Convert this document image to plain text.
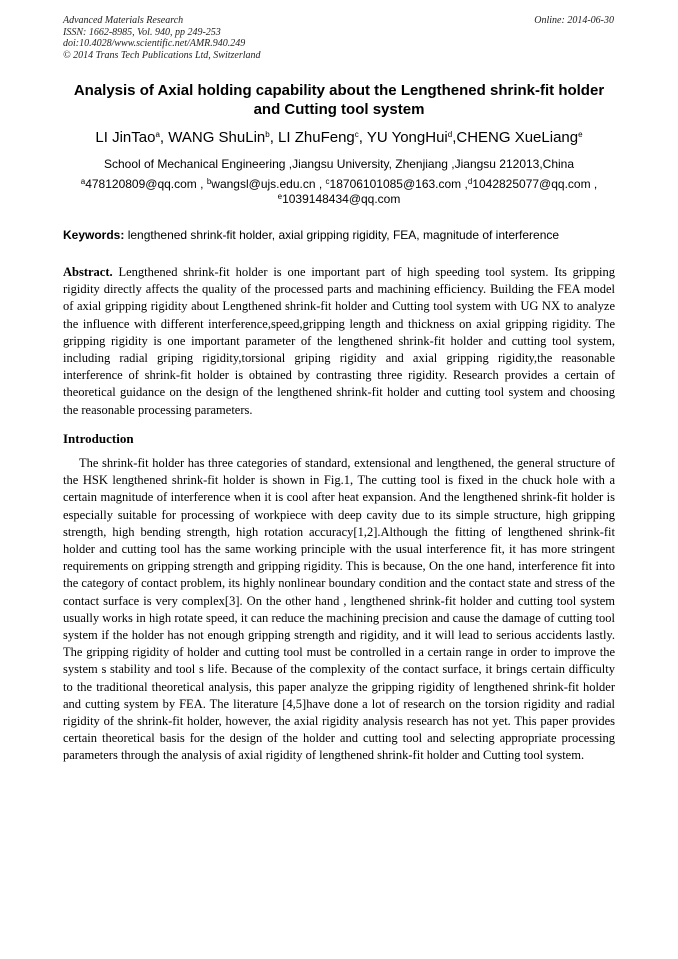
Advanced Materials Research
ISSN: 1662-8985, Vol. 940, pp 249-253
doi:10.4028/www.scientific.net/AMR.940.249
© 2014 Trans Tech Publications Ltd, Switzerland
Online: 2014-06-30
Analysis of Axial holding capability about the Lengthened shrink-fit holder and Cutting tool system
LI JinTao$^a$, WANG ShuLin$^b$, LI ZhuFeng$^c$, YU YongHui$^d$,CHENG XueLiang$^e$
School of Mechanical Engineering ,Jiangsu University, Zhenjiang ,Jiangsu 212013,China
$^a$478120809@qq.com , $^b$wangsl@ujs.edu.cn , $^c$18706101085@163.com ,$^d$1042825077@qq.com ,
$^e$1039148434@qq.com
Keywords: lengthened shrink-fit holder, axial gripping rigidity, FEA, magnitude of interference
Abstract. Lengthened shrink-fit holder is one important part of high speeding tool system. Its gripping rigidity directly affects the quality of the processed parts and machining efficiency. Building the FEA model of axial gripping rigidity about Lengthened shrink-fit holder and Cutting tool system with UG NX to analyze the influence with different interference,speed,gripping length and thickness on axial gripping rigidity. The gripping rigidity is one important parameter of the lengthened shrink-fit holder and cutting tool system, including radial griping rigidity,torsional griping rigidity and axial gripping rigidity,the reasonable interference of shrink-fit holder is obtained by contrasting three rigidity. Research provides a certain of theoretical guidance on the design of the lengthened shrink-fit holder and cutting tool system and choosing the reasonable processing parameters.
Introduction
The shrink-fit holder has three categories of standard, extensional and lengthened, the general structure of the HSK lengthened shrink-fit holder is shown in Fig.1, The cutting tool is fixed in the chuck hole with a certain magnitude of interference when it is cool after heat expansion. And the lengthened shrink-fit holder is especially suitable for processing of workpiece with deep cavity due to its simple structure, high gripping strength, high bending strength, high rotation accuracy[1,2].Although the fitting of lengthened shrink-fit holder and cutting tool has the same working principle with the usual interference fit, it has more stringent requirements on gripping strength and gripping rigidity. This is because, On the one hand, interference fit into the category of contact problem, its highly nonlinear boundary condition and the contact state and stress of the contact surface is very complex[3]. On the other hand , lengthened shrink-fit holder and cutting tool system usually works in high rotate speed, it can reduce the machining precision and cause the damage of cutting tool system if the holder has not enough gripping strength and rigidity, and it will lead to serious accidents lastly. The gripping rigidity of holder and cutting tool must be controlled in a certain range in order to improve the system s stability and tool s life. Because of the complexity of the contact surface, it brings certain difficulty to the traditional theoretical analysis, this paper analyze the gripping rigidity of lengthened shrink-fit holder and cutting system by FEA. The literature [4,5]have done a lot of research on the torsion rigidity and radial rigidity of the shrink-fit holder, however, the axial rigidity analysis research has not yet. This paper provides certain theoretical basis for the design of the holder and cutting tool and selecting appropriate processing parameters through the analysis of axial rigidity of lengthened shrink-fit holder and Cutting tool system.
